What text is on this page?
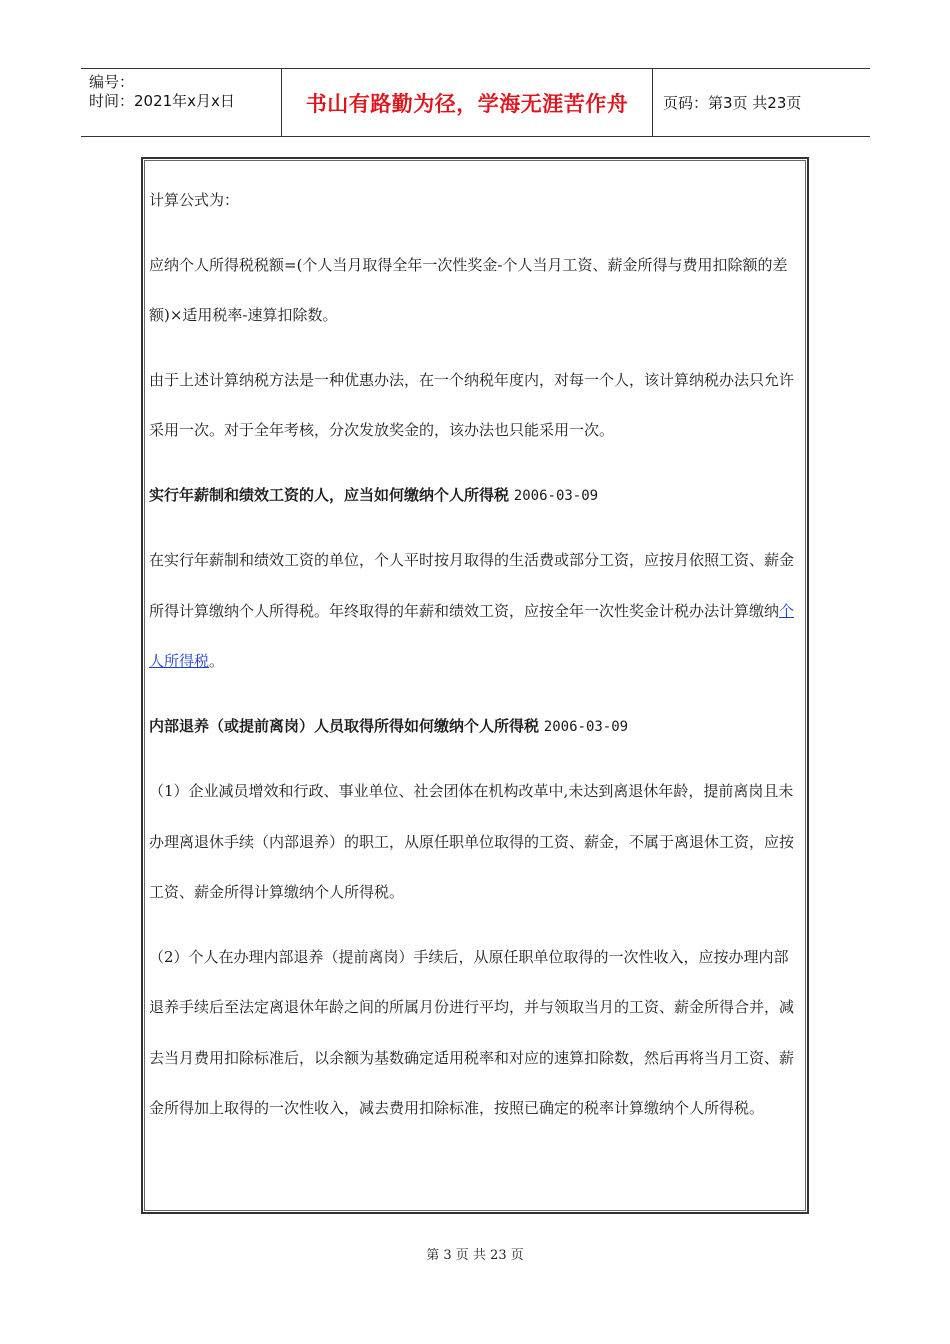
编号：
时间：2021年x月x日	书山有路勤为径，学海无涯苦作舟	页码：第3页 共23页

计算公式为：

应纳个人所得税税额=(个人当月取得全年一次性奖金-个人当月工资、薪金所得与费用扣除额的差额)×适用税率-速算扣除数。

由于上述计算纳税方法是一种优惠办法，在一个纳税年度内，对每一个人，该计算纳税办法只允许采用一次。对于全年考核，分次发放奖金的，该办法也只能采用一次。

实行年薪制和绩效工资的人，应当如何缴纳个人所得税 2006-03-09

在实行年薪制和绩效工资的单位，个人平时按月取得的生活费或部分工资，应按月依照工资、薪金所得计算缴纳个人所得税。年终取得的年薪和绩效工资，应按全年一次性奖金计税办法计算缴纳个人所得税。

内部退养（或提前离岗）人员取得所得如何缴纳个人所得税 2006-03-09

（1）企业减员增效和行政、事业单位、社会团体在机构改革中,未达到离退休年龄，提前离岗且未办理离退休手续（内部退养）的职工，从原任职单位取得的工资、薪金，不属于离退休工资，应按工资、薪金所得计算缴纳个人所得税。

（2）个人在办理内部退养（提前离岗）手续后，从原任职单位取得的一次性收入，应按办理内部退养手续后至法定离退休年龄之间的所属月份进行平均，并与领取当月的工资、薪金所得合并，减去当月费用扣除标准后，以余额为基数确定适用税率和对应的速算扣除数，然后再将当月工资、薪金所得加上取得的一次性收入，减去费用扣除标准，按照已确定的税率计算缴纳个人所得税。

第 3 页 共 23 页
